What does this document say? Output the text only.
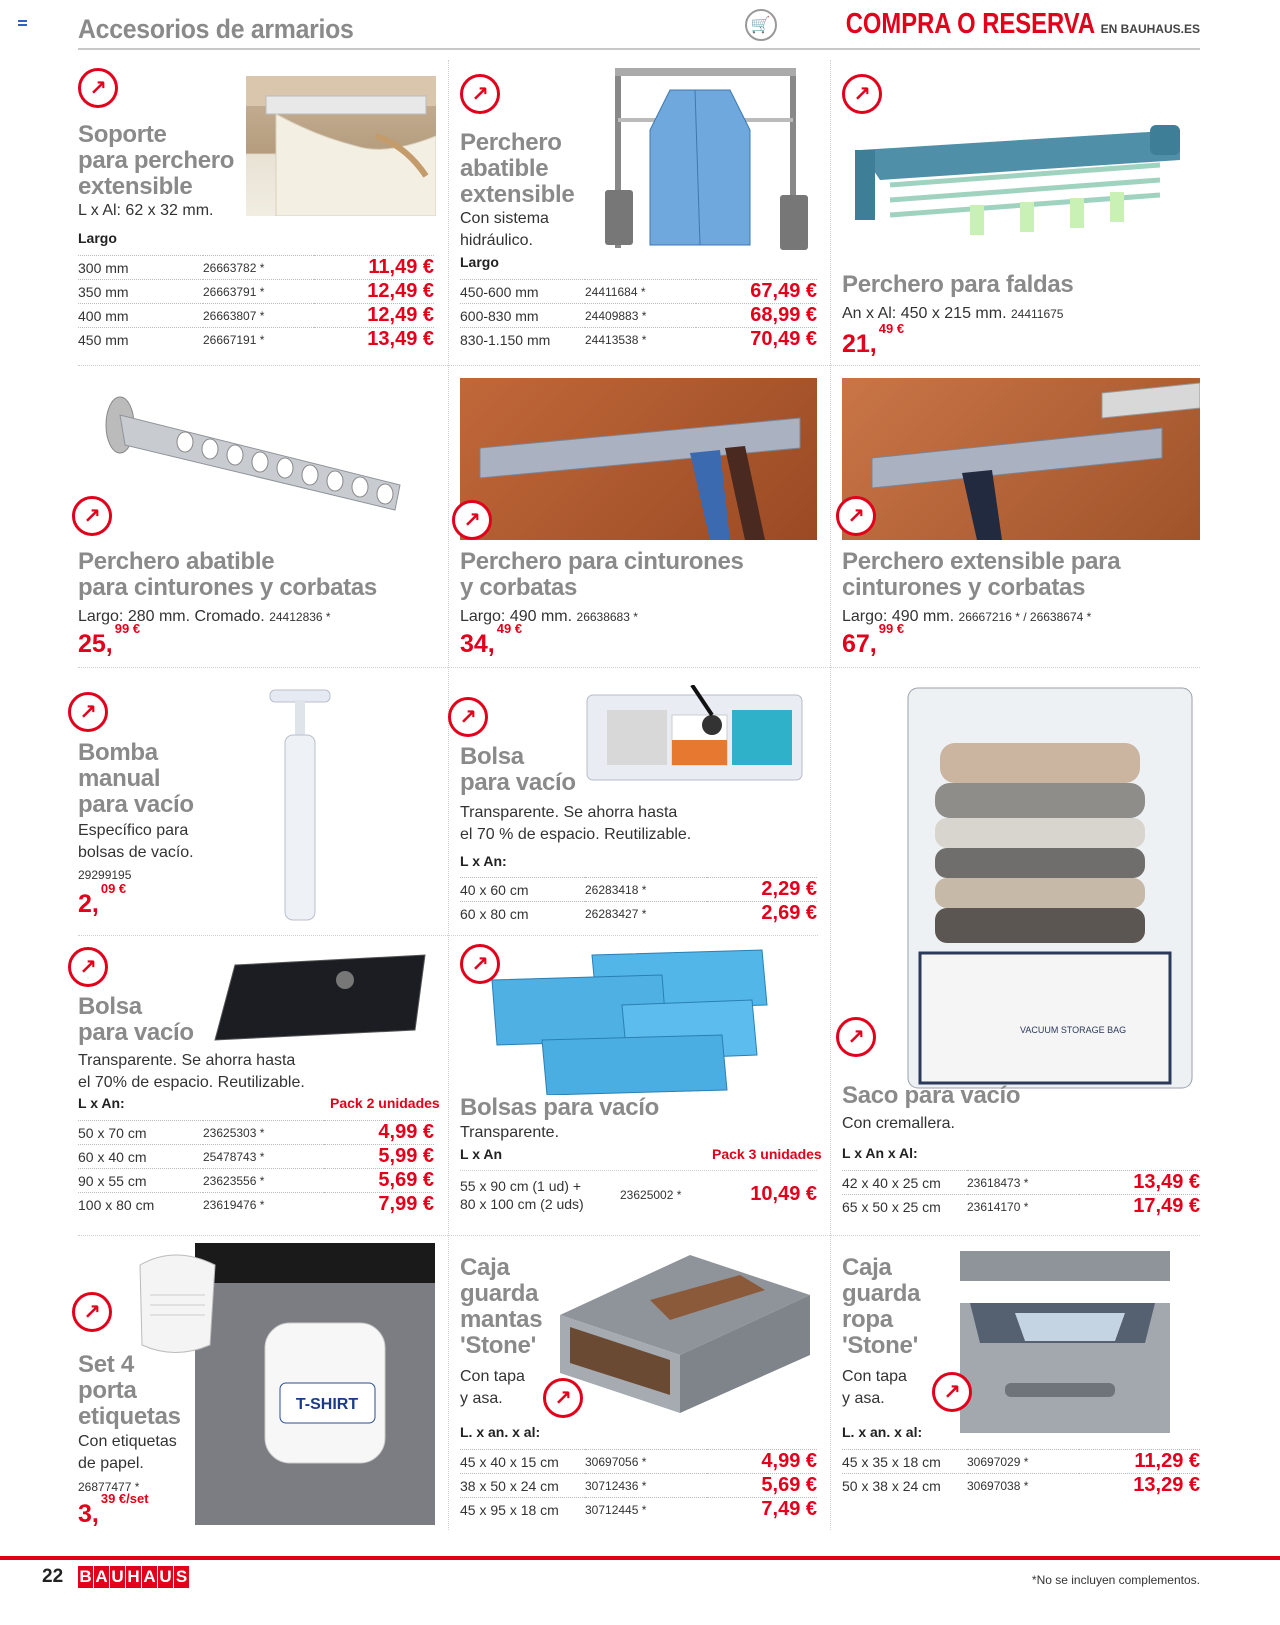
Accesorios de armarios	🛒	COMPRA O RESERVA EN BAUHAUS.ES
↗
Soporte
para perchero
extensible
L x Al: 62 x 32 mm.
Largo
300 mm	26663782 *	11,49 €
350 mm	26663791 *	12,49 €
400 mm	26663807 *	12,49 €
450 mm	26667191 *	13,49 €
↗
Perchero
abatible
extensible
Con sistema
hidráulico.
Largo
450-600 mm	24411684 *	67,49 €
600-830 mm	24409883 *	68,99 €
830-1.150 mm	24413538 *	70,49 €
↗
Perchero para faldas
An x Al: 450 x 215 mm. 24411675
21,$^{49 €}$
↗
Perchero abatible
para cinturones y corbatas
Largo: 280 mm. Cromado. 24412836 *
25,$^{99 €}$
↗
Perchero para cinturones
y corbatas
Largo: 490 mm. 26638683 *
34,$^{49 €}$
↗
Perchero extensible para
cinturones y corbatas
Largo: 490 mm. 26667216 * / 26638674 *
67,$^{99 €}$
↗
Bomba
manual
para vacío
Específico para
bolsas de vacío.
29299195
2,$^{09 €}$
↗
Bolsa
para vacío
Transparente. Se ahorra hasta
el 70 % de espacio. Reutilizable.
L x An:
40 x 60 cm	26283418 *	2,29 €
60 x 80 cm	26283427 *	2,69 €
VACUUM STORAGE BAG
↗
Saco para vacío
Con cremallera.
L x An x Al:
42 x 40 x 25 cm	23618473 *	13,49 €
65 x 50 x 25 cm	23614170 *	17,49 €
↗
Bolsa
para vacío
Transparente. Se ahorra hasta
el 70% de espacio. Reutilizable.
L x An:	Pack 2 unidades
50 x 70 cm	23625303 *	4,99 €
60 x 40 cm	25478743 *	5,99 €
90 x 55 cm	23623556 *	5,69 €
100 x 80 cm	23619476 *	7,99 €
↗
Bolsas para vacío
Transparente.
L x An	Pack 3 unidades
55 x 90 cm (1 ud) +
80 x 100 cm (2 uds)
23625002 *	10,49 €
T-SHIRT
↗
Set 4
porta
etiquetas
Con etiquetas
de papel.
26877477 *
3,$^{39 €/set}$
Caja
guarda
mantas
'Stone'
↗
Con tapa
y asa.
L. x an. x al:
45 x 40 x 15 cm	30697056 *	4,99 €
38 x 50 x 24 cm	30712436 *	5,69 €
45 x 95 x 18 cm	30712445 *	7,49 €
Caja
guarda
ropa
'Stone'
↗
Con tapa
y asa.
L. x an. x al:
45 x 35 x 18 cm	30697029 *	11,29 €
50 x 38 x 24 cm	30697038 *	13,29 €
22 B A U H A U S	*No se incluyen complementos.
